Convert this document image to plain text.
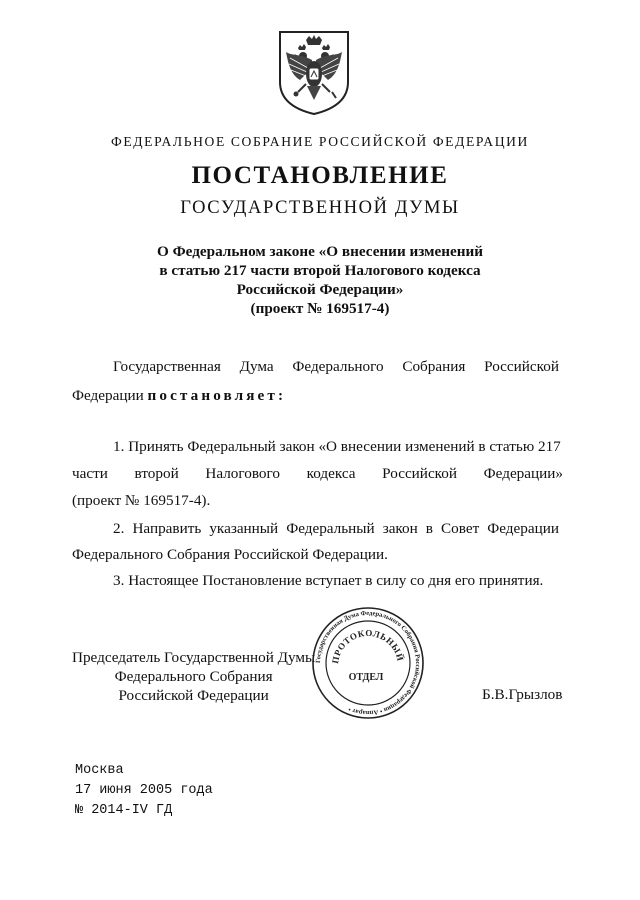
ФЕДЕРАЛЬНОЕ СОБРАНИЕ РОССИЙСКОЙ ФЕДЕРАЦИИ
ПОСТАНОВЛЕНИЕ
ГОСУДАРСТВЕННОЙ ДУМЫ
О Федеральном законе «О внесении изменений
в статью 217 части второй Налогового кодекса
Российской Федерации»
(проект № 169517-4)
Государственная Дума Федерального Собрания Российской
Федерации постановляет:
1. Принять Федеральный закон «О внесении изменений в статью 217
части второй Налогового кодекса Российской Федерации»
(проект № 169517-4).
2. Направить указанный Федеральный закон в Совет Федерации
Федерального Собрания Российской Федерации.
3. Настоящее Постановление вступает в силу со дня его принятия.
Председатель Государственной Думы
Федерального Собрания
Российской Федерации	Б.В.Грызлов
Государственная Дума Федерального Собрания Российской Федерации • Аппарат •
ПРОТОКОЛЬНЫЙ
ОТДЕЛ
Москва
17 июня 2005 года
№ 2014-IV ГД
